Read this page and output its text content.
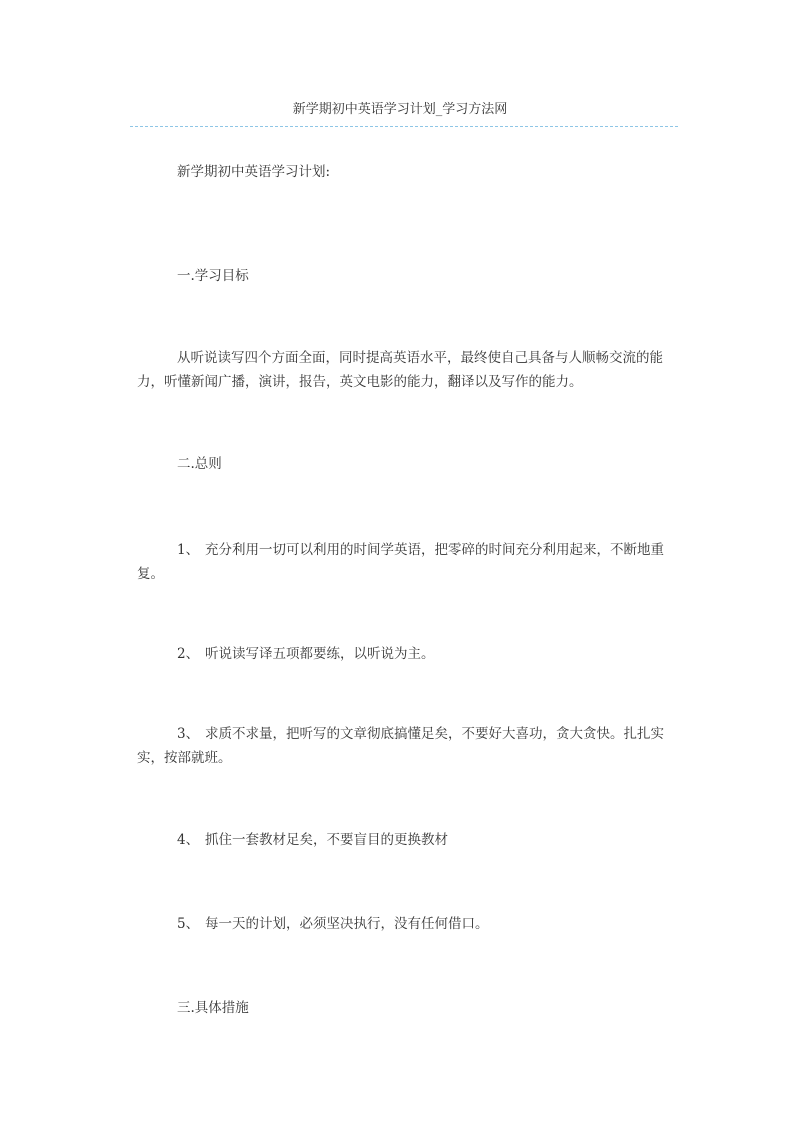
新学期初中英语学习计划_学习方法网
新学期初中英语学习计划:
一.学习目标
从听说读写四个方面全面，同时提高英语水平，最终使自己具备与人顺畅交流的能力，听懂新闻广播，演讲，报告，英文电影的能力，翻译以及写作的能力。
二.总则
1、 充分利用一切可以利用的时间学英语，把零碎的时间充分利用起来，不断地重复。
2、 听说读写译五项都要练，以听说为主。
3、 求质不求量，把听写的文章彻底搞懂足矣，不要好大喜功，贪大贪快。扎扎实实，按部就班。
4、 抓住一套教材足矣，不要盲目的更换教材
5、 每一天的计划，必须坚决执行，没有任何借口。
三.具体措施
